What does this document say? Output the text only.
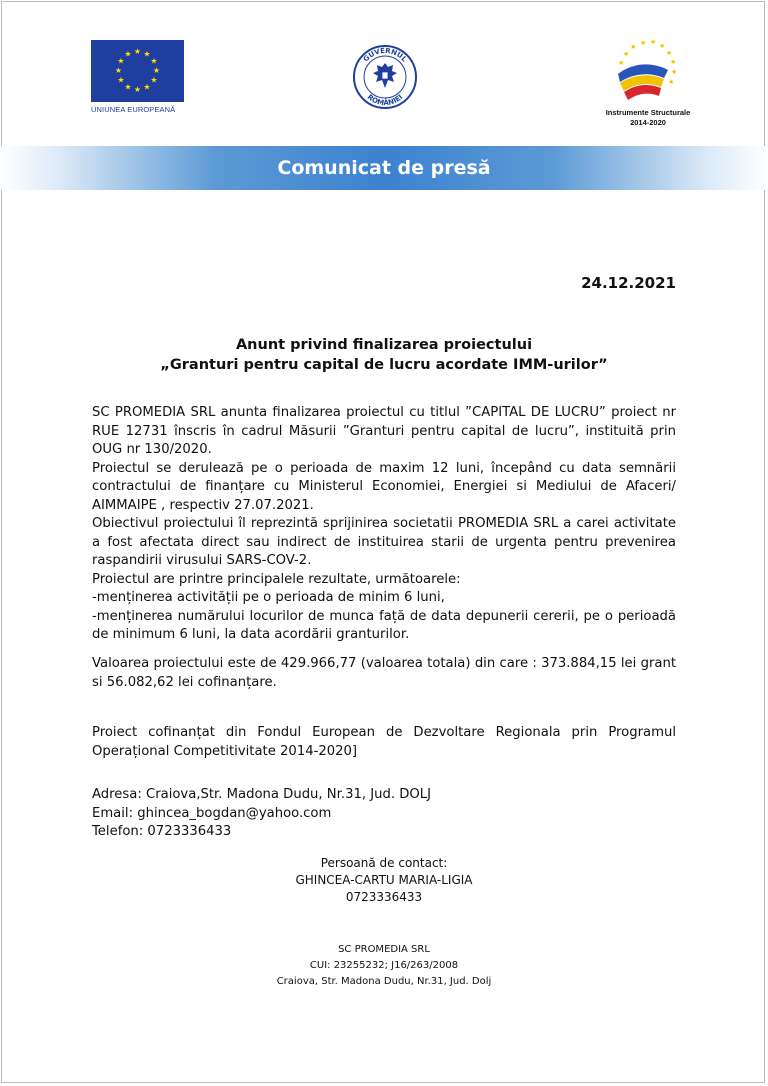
★ ★
★
★
★
★
★
★
★
★
★
★
UNIUNEA EUROPEANĂ
GUVERNUL
ROMÂNIEI
★ ★ ★
★
★
★
★
★
★
★
Instrumente Structurale
2014-2020
Comunicat de presă
24.12.2021
Anunt privind finalizarea proiectului
„Granturi pentru capital de lucru acordate IMM-urilor”

SC PROMEDIA SRL anunta finalizarea proiectul cu titlul ”CAPITAL DE LUCRU” proiect nr RUE 12731 înscris în cadrul Măsurii ”Granturi pentru capital de lucru”, instituită prin OUG nr 130/2020.

Proiectul se derulează pe o perioada de maxim 12 luni, începând cu data semnării contractului de finanțare cu Ministerul Economiei, Energiei si Mediului de Afaceri/ AIMMAIPE , respectiv 27.07.2021.

Obiectivul proiectului îl reprezintă sprijinirea societatii PROMEDIA SRL a carei activitate a fost afectata direct sau indirect de instituirea starii de urgenta pentru prevenirea raspandirii virusului SARS-COV-2.

Proiectul are printre principalele rezultate, următoarele:

-menținerea activității pe o perioada de minim 6 luni,

-menținerea numărului locurilor de munca față de data depunerii cererii, pe o perioadă de minimum 6 luni, la data acordării granturilor.

Valoarea proiectului este de 429.966,77 (valoarea totala) din care : 373.884,15 lei grant si 56.082,62 lei cofinanțare.

Proiect cofinanțat din Fondul European de Dezvoltare Regionala prin Programul Operațional Competitivitate 2014-2020]

Adresa: Craiova,Str. Madona Dudu, Nr.31, Jud. DOLJ
Email: ghincea_bogdan@yahoo.com
Telefon: 0723336433
Persoană de contact:
GHINCEA-CARTU MARIA-LIGIA
0723336433
SC PROMEDIA SRL
CUI: 23255232; J16/263/2008
Craiova, Str. Madona Dudu, Nr.31, Jud. Dolj
